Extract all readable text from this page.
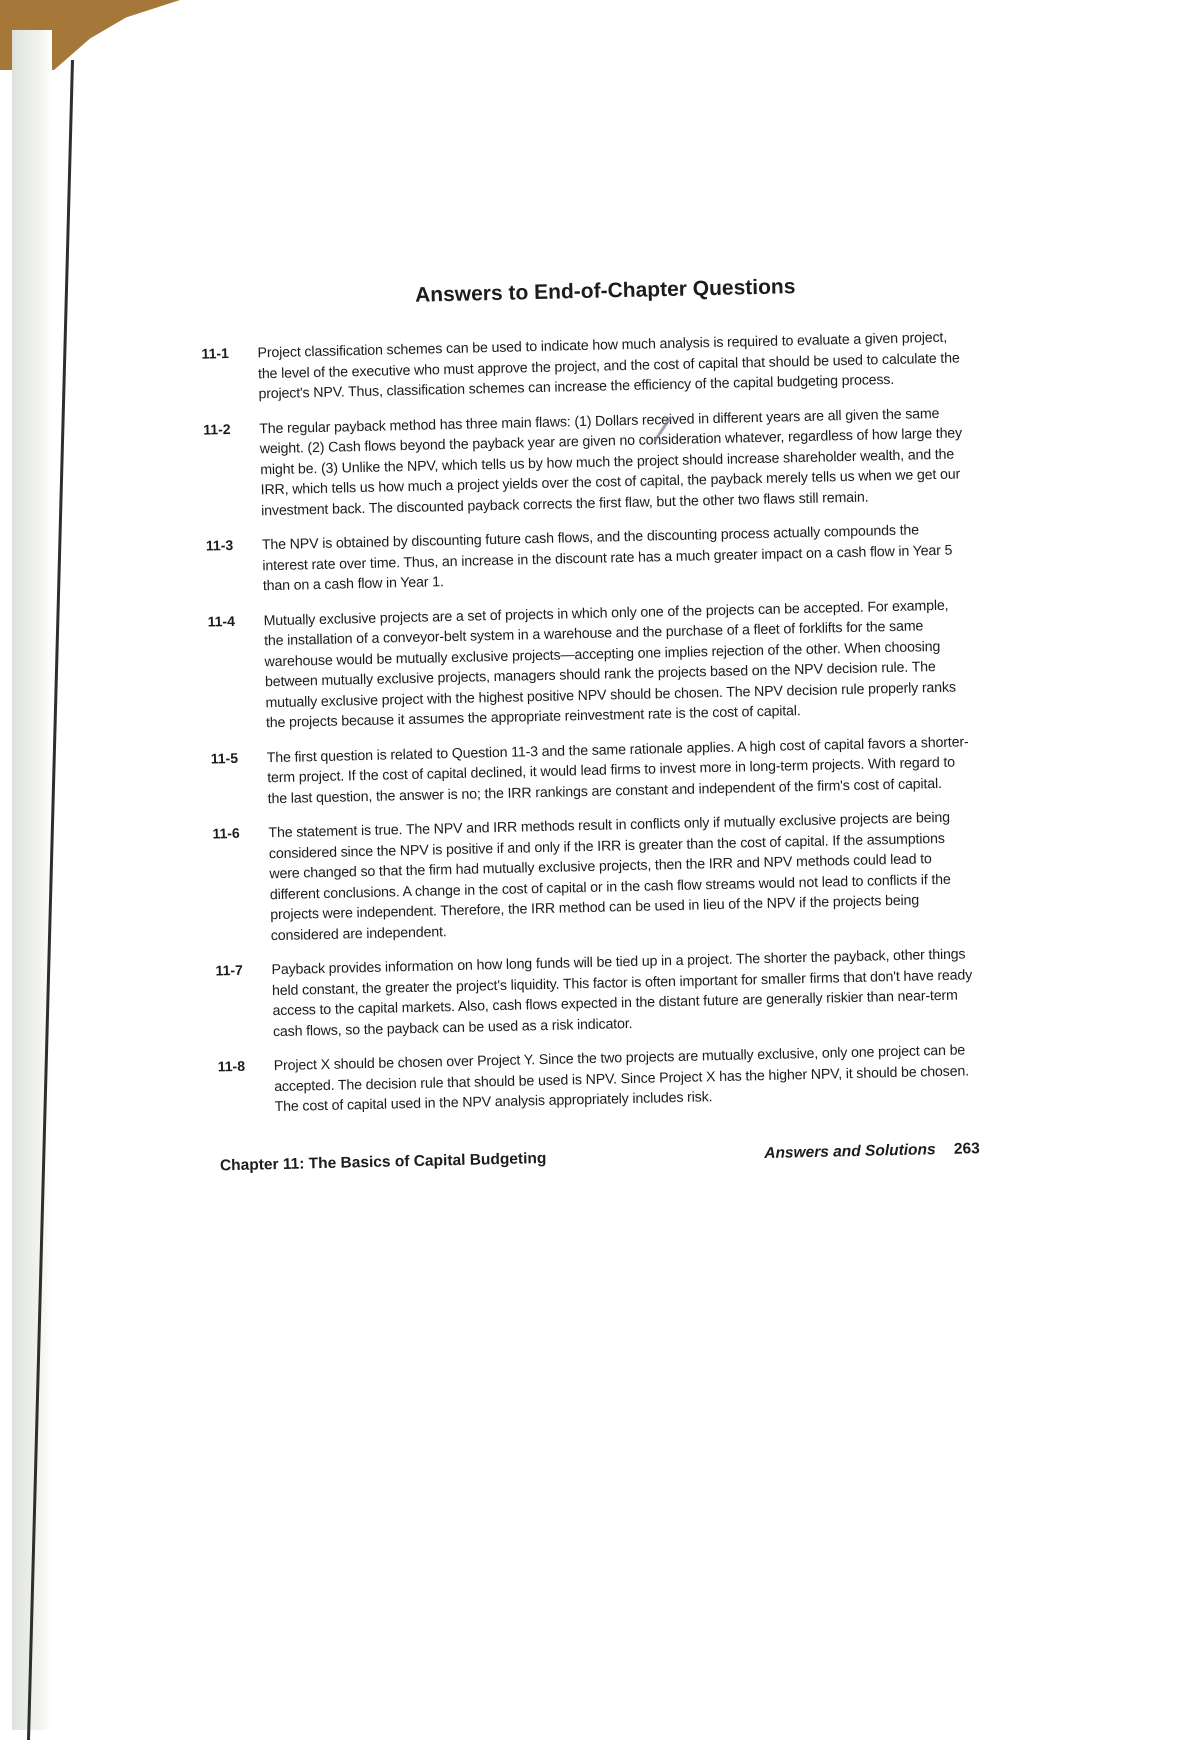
Answers to End-of-Chapter Questions
11-1	Project classification schemes can be used to indicate how much analysis is required to evaluate a given project, the level of the executive who must approve the project, and the cost of capital that should be used to calculate the project's NPV. Thus, classification schemes can increase the efficiency of the capital budgeting process.
11-2	The regular payback method has three main flaws: (1) Dollars received in different years are all given the same weight. (2) Cash flows beyond the payback year are given no consideration whatever, regardless of how large they might be. (3) Unlike the NPV, which tells us by how much the project should increase shareholder wealth, and the IRR, which tells us how much a project yields over the cost of capital, the payback merely tells us when we get our investment back. The discounted payback corrects the first flaw, but the other two flaws still remain.
11-3	The NPV is obtained by discounting future cash flows, and the discounting process actually compounds the interest rate over time. Thus, an increase in the discount rate has a much greater impact on a cash flow in Year 5 than on a cash flow in Year 1.
11-4	Mutually exclusive projects are a set of projects in which only one of the projects can be accepted. For example, the installation of a conveyor-belt system in a warehouse and the purchase of a fleet of forklifts for the same warehouse would be mutually exclusive projects—accepting one implies rejection of the other. When choosing between mutually exclusive projects, managers should rank the projects based on the NPV decision rule. The mutually exclusive project with the highest positive NPV should be chosen. The NPV decision rule properly ranks the projects because it assumes the appropriate reinvestment rate is the cost of capital.
11-5	The first question is related to Question 11-3 and the same rationale applies. A high cost of capital favors a shorter-term project. If the cost of capital declined, it would lead firms to invest more in long-term projects. With regard to the last question, the answer is no; the IRR rankings are constant and independent of the firm's cost of capital.
11-6	The statement is true. The NPV and IRR methods result in conflicts only if mutually exclusive projects are being considered since the NPV is positive if and only if the IRR is greater than the cost of capital. If the assumptions were changed so that the firm had mutually exclusive projects, then the IRR and NPV methods could lead to different conclusions. A change in the cost of capital or in the cash flow streams would not lead to conflicts if the projects were independent. Therefore, the IRR method can be used in lieu of the NPV if the projects being considered are independent.
11-7	Payback provides information on how long funds will be tied up in a project. The shorter the payback, other things held constant, the greater the project's liquidity. This factor is often important for smaller firms that don't have ready access to the capital markets. Also, cash flows expected in the distant future are generally riskier than near-term cash flows, so the payback can be used as a risk indicator.
11-8	Project X should be chosen over Project Y. Since the two projects are mutually exclusive, only one project can be accepted. The decision rule that should be used is NPV. Since Project X has the higher NPV, it should be chosen. The cost of capital used in the NPV analysis appropriately includes risk.
Chapter 11: The Basics of Capital Budgeting	Answers and Solutions 263
